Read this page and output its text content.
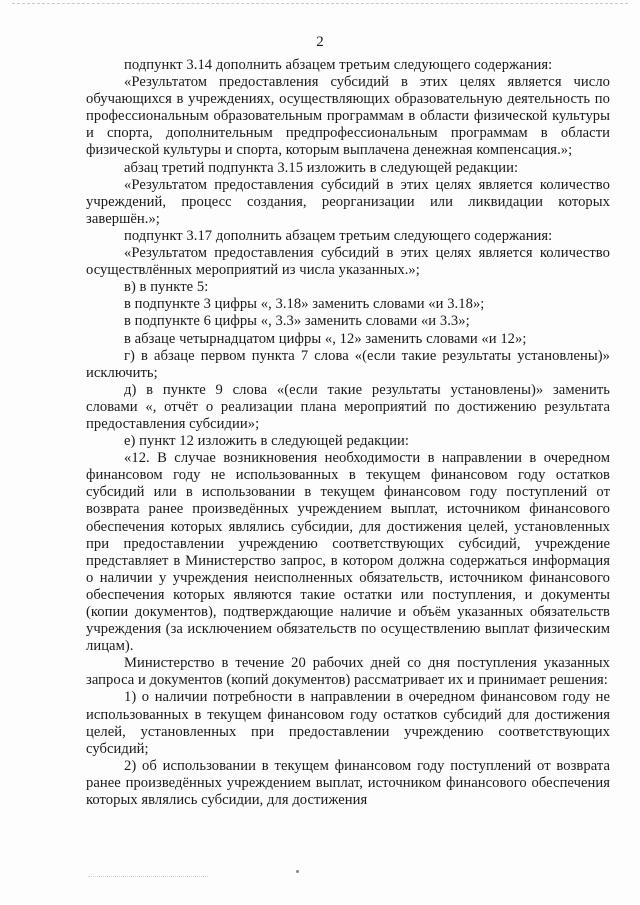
2

подпункт 3.14 дополнить абзацем третьим следующего содержания:

«Результатом предоставления субсидий в этих целях является число обучающихся в учреждениях, осуществляющих образовательную деятельность по профессиональным образовательным программам в области физической культуры и спорта, дополнительным предпрофессиональным программам в области физической культуры и спорта, которым выплачена денежная компенсация.»;

абзац третий подпункта 3.15 изложить в следующей редакции:

«Результатом предоставления субсидий в этих целях является количество учреждений, процесс создания, реорганизации или ликвидации которых завершён.»;

подпункт 3.17 дополнить абзацем третьим следующего содержания:

«Результатом предоставления субсидий в этих целях является количество осуществлённых мероприятий из числа указанных.»;

в) в пункте 5:

в подпункте 3 цифры «, 3.18» заменить словами «и 3.18»;

в подпункте 6 цифры «, 3.3» заменить словами «и 3.3»;

в абзаце четырнадцатом цифры «, 12» заменить словами «и 12»;

г) в абзаце первом пункта 7 слова «(если такие результаты установлены)» исключить;

д) в пункте 9 слова «(если такие результаты установлены)» заменить словами «, отчёт о реализации плана мероприятий по достижению результата предоставления субсидии»;

е) пункт 12 изложить в следующей редакции:

«12. В случае возникновения необходимости в направлении в очередном финансовом году не использованных в текущем финансовом году остатков субсидий или в использовании в текущем финансовом году поступлений от возврата ранее произведённых учреждением выплат, источником финансового обеспечения которых являлись субсидии, для достижения целей, установленных при предоставлении учреждению соответствующих субсидий, учреждение представляет в Министерство запрос, в котором должна содержаться информация о наличии у учреждения неисполненных обязательств, источником финансового обеспечения которых являются такие остатки или поступления, и документы (копии документов), подтверждающие наличие и объём указанных обязательств учреждения (за исключением обязательств по осуществлению выплат физическим лицам).

Министерство в течение 20 рабочих дней со дня поступления указанных запроса и документов (копий документов) рассматривает их и принимает решения:

1) о наличии потребности в направлении в очередном финансовом году не использованных в текущем финансовом году остатков субсидий для достижения целей, установленных при предоставлении учреждению соответствующих субсидий;

2) об использовании в текущем финансовом году поступлений от возврата ранее произведённых учреждением выплат, источником финансового обеспечения которых являлись субсидии, для достижения
